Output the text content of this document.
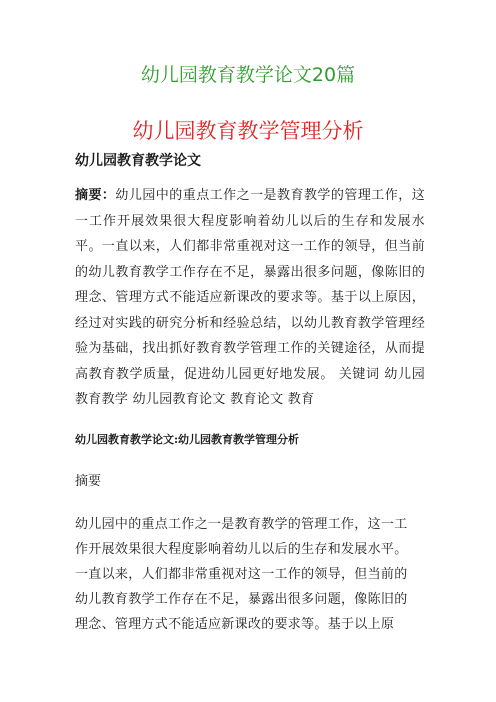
幼儿园教育教学论文20篇
幼儿园教育教学管理分析
幼儿园教育教学论文
摘要：幼儿园中的重点工作之一是教育教学的管理工作，这一工作开展效果很大程度影响着幼儿以后的生存和发展水平。一直以来，人们都非常重视对这一工作的领导，但当前的幼儿教育教学工作存在不足，暴露出很多问题，像陈旧的理念、管理方式不能适应新课改的要求等。基于以上原因，经过对实践的研究分析和经验总结，以幼儿教育教学管理经验为基础，找出抓好教育教学管理工作的关键途径，从而提高教育教学质量，促进幼儿园更好地发展。 关键词 幼儿园教育教学 幼儿园教育论文 教育论文 教育
幼儿园教育教学论文:幼儿园教育教学管理分析
摘要
幼儿园中的重点工作之一是教育教学的管理工作，这一工
作开展效果很大程度影响着幼儿以后的生存和发展水平。
一直以来，人们都非常重视对这一工作的领导，但当前的
幼儿教育教学工作存在不足，暴露出很多问题，像陈旧的
理念、管理方式不能适应新课改的要求等。基于以上原
